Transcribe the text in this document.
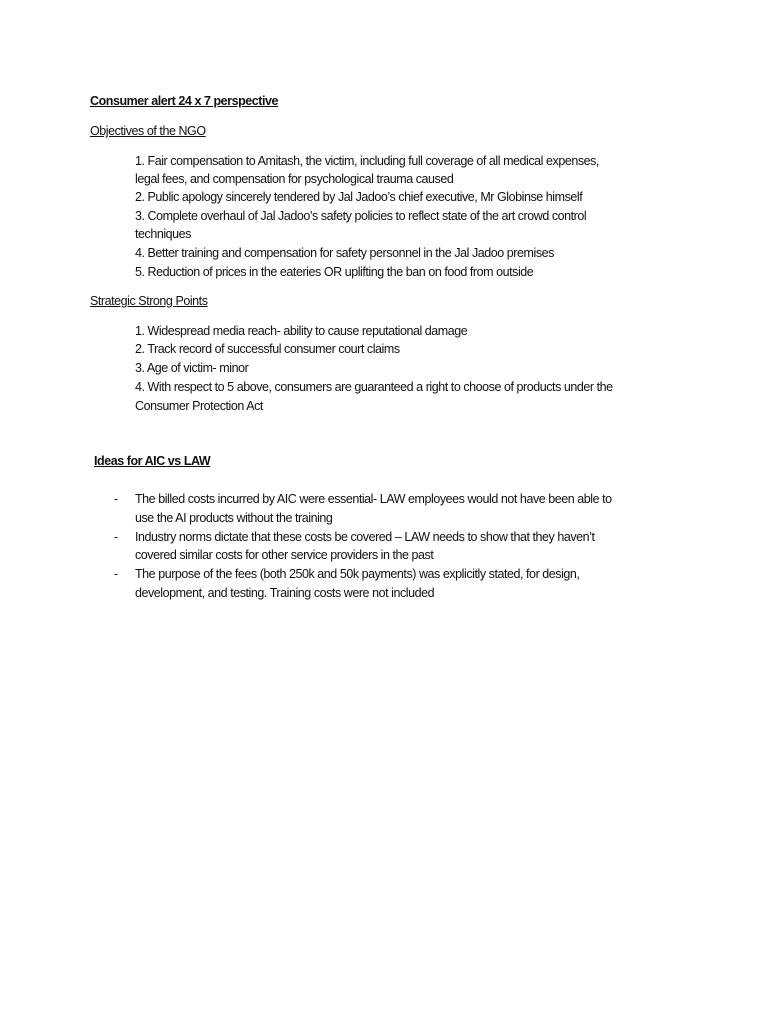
Consumer alert 24 x 7 perspective
Objectives of the NGO
1. Fair compensation to Amitash, the victim, including full coverage of all medical expenses,
legal fees, and compensation for psychological trauma caused
2. Public apology sincerely tendered by Jal Jadoo’s chief executive, Mr Globinse himself
3. Complete overhaul of Jal Jadoo’s safety policies to reflect state of the art crowd control
techniques
4. Better training and compensation for safety personnel in the Jal Jadoo premises
5. Reduction of prices in the eateries OR uplifting the ban on food from outside
Strategic Strong Points
1. Widespread media reach- ability to cause reputational damage
2. Track record of successful consumer court claims
3. Age of victim- minor
4. With respect to 5 above, consumers are guaranteed a right to choose of products under the
Consumer Protection Act
Ideas for AIC vs LAW
- The billed costs incurred by AIC were essential- LAW employees would not have been able to
use the AI products without the training
- Industry norms dictate that these costs be covered – LAW needs to show that they haven’t
covered similar costs for other service providers in the past
- The purpose of the fees (both 250k and 50k payments) was explicitly stated, for design,
development, and testing. Training costs were not included
